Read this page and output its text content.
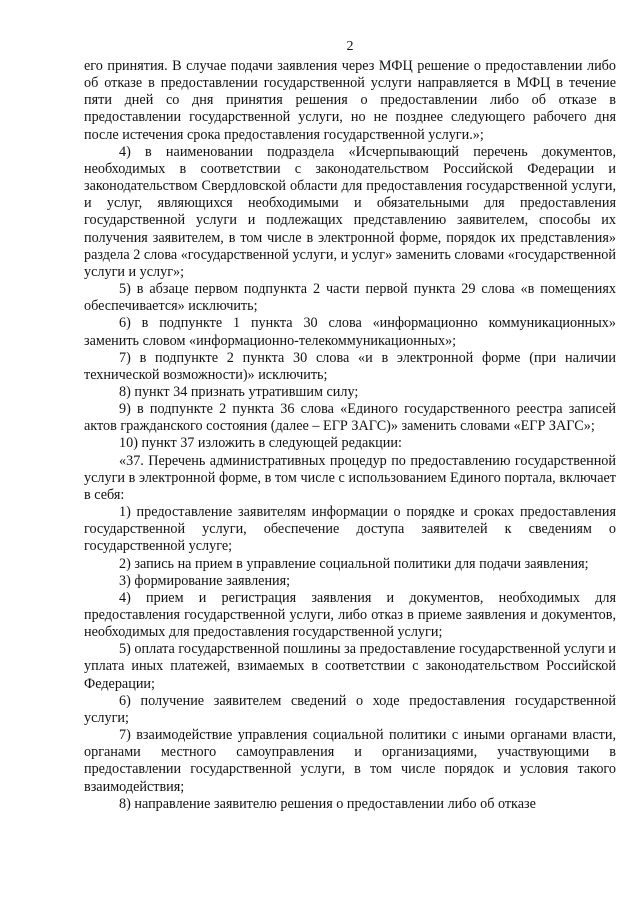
2

его принятия. В случае подачи заявления через МФЦ решение о предоставлении либо об отказе в предоставлении государственной услуги направляется в МФЦ в течение пяти дней со дня принятия решения о предоставлении либо об отказе в предоставлении государственной услуги, но не позднее следующего рабочего дня после истечения срока предоставления государственной услуги.»;

4) в наименовании подраздела «Исчерпывающий перечень документов, необходимых в соответствии с законодательством Российской Федерации и законодательством Свердловской области для предоставления государственной услуги, и услуг, являющихся необходимыми и обязательными для предоставления государственной услуги и подлежащих представлению заявителем, способы их получения заявителем, в том числе в электронной форме, порядок их представления» раздела 2 слова «государственной услуги, и услуг» заменить словами «государственной услуги и услуг»;

5) в абзаце первом подпункта 2 части первой пункта 29 слова «в помещениях обеспечивается» исключить;

6) в подпункте 1 пункта 30 слова «информационно коммуникационных» заменить словом «информационно-телекоммуникационных»;

7) в подпункте 2 пункта 30 слова «и в электронной форме (при наличии технической возможности)» исключить;

8) пункт 34 признать утратившим силу;

9) в подпункте 2 пункта 36 слова «Единого государственного реестра записей актов гражданского состояния (далее – ЕГР ЗАГС)» заменить словами «ЕГР ЗАГС»;

10) пункт 37 изложить в следующей редакции:

«37. Перечень административных процедур по предоставлению государственной услуги в электронной форме, в том числе с использованием Единого портала, включает в себя:

1) предоставление заявителям информации о порядке и сроках предоставления государственной услуги, обеспечение доступа заявителей к сведениям о государственной услуге;

2) запись на прием в управление социальной политики для подачи заявления;

3) формирование заявления;

4) прием и регистрация заявления и документов, необходимых для предоставления государственной услуги, либо отказ в приеме заявления и документов, необходимых для предоставления государственной услуги;

5) оплата государственной пошлины за предоставление государственной услуги и уплата иных платежей, взимаемых в соответствии с законодательством Российской Федерации;

6) получение заявителем сведений о ходе предоставления государственной услуги;

7) взаимодействие управления социальной политики с иными органами власти, органами местного самоуправления и организациями, участвующими в предоставлении государственной услуги, в том числе порядок и условия такого взаимодействия;

8) направление заявителю решения о предоставлении либо об отказе
